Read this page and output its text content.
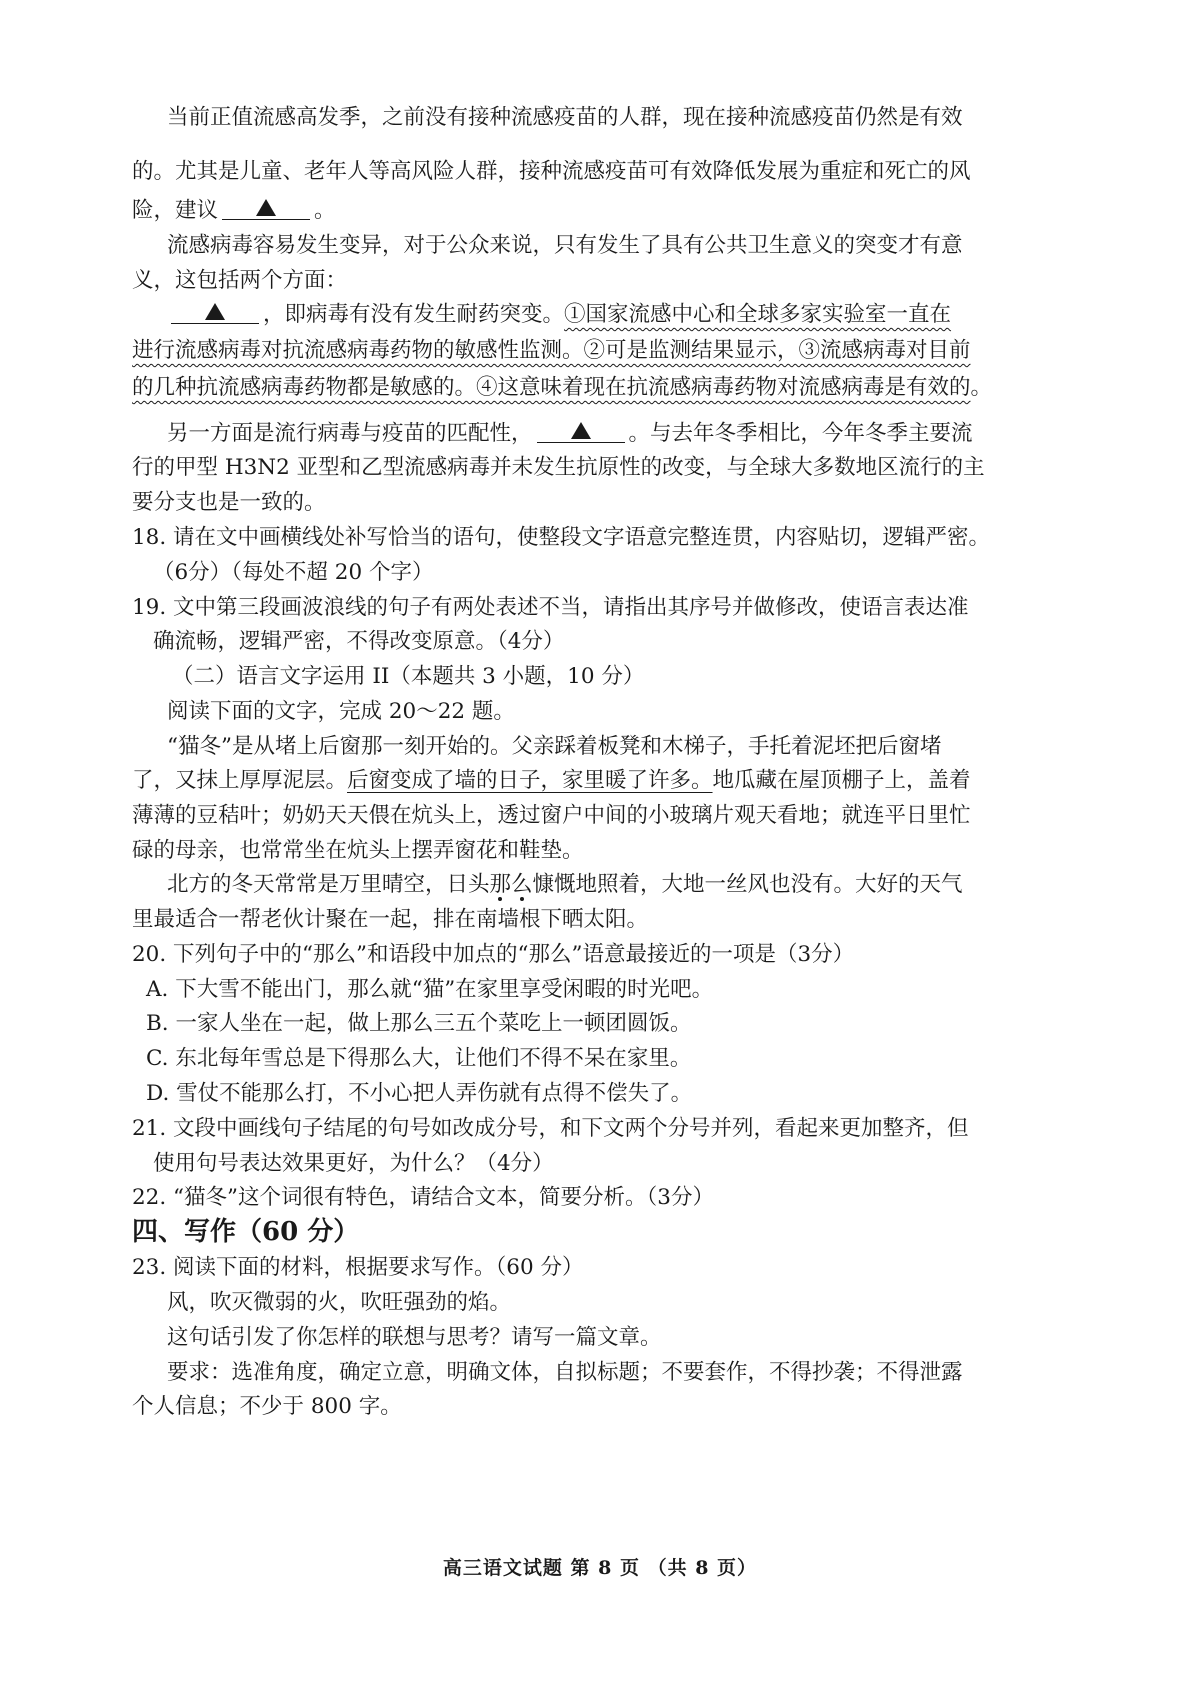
当前正值流感高发季，之前没有接种流感疫苗的人群，现在接种流感疫苗仍然是有效
的。尤其是儿童、老年人等高风险人群，接种流感疫苗可有效降低发展为重症和死亡的风
险，建议	。
流感病毒容易发生变异，对于公众来说，只有发生了具有公共卫生意义的突变才有意
义，这包括两个方面：
，即病毒有没有发生耐药突变。①国家流感中心和全球多家实验室一直在
进行流感病毒对抗流感病毒药物的敏感性监测。②可是监测结果显示，③流感病毒对目前
的几种抗流感病毒药物都是敏感的。④这意味着现在抗流感病毒药物对流感病毒是有效的。
另一方面是流行病毒与疫苗的匹配性，	。与去年冬季相比，今年冬季主要流
行的甲型 H3N2 亚型和乙型流感病毒并未发生抗原性的改变，与全球大多数地区流行的主
要分支也是一致的。
18. 请在文中画横线处补写恰当的语句，使整段文字语意完整连贯，内容贴切，逻辑严密。
（6分）（每处不超 20 个字）
19. 文中第三段画波浪线的句子有两处表述不当，请指出其序号并做修改，使语言表达准
确流畅，逻辑严密，不得改变原意。（4分）
（二）语言文字运用 II（本题共 3 小题，10 分）
阅读下面的文字，完成 20～22 题。
“猫冬”是从堵上后窗那一刻开始的。父亲踩着板凳和木梯子，手托着泥坯把后窗堵
了，又抹上厚厚泥层。后窗变成了墙的日子，家里暖了许多。地瓜藏在屋顶棚子上，盖着
薄薄的豆秸叶；奶奶天天偎在炕头上，透过窗户中间的小玻璃片观天看地；就连平日里忙
碌的母亲，也常常坐在炕头上摆弄窗花和鞋垫。
北方的冬天常常是万里晴空，日头那么
慷慨地照着，大地一丝风也没有。大好的天气
里最适合一帮老伙计聚在一起，排在南墙根下晒太阳。
20. 下列句子中的“那么”和语段中加点的“那么”语意最接近的一项是（3分）
A. 下大雪不能出门，那么就“猫”在家里享受闲暇的时光吧。
B. 一家人坐在一起，做上那么三五个菜吃上一顿团圆饭。
C. 东北每年雪总是下得那么大，让他们不得不呆在家里。
D. 雪仗不能那么打，不小心把人弄伤就有点得不偿失了。
21. 文段中画线句子结尾的句号如改成分号，和下文两个分号并列，看起来更加整齐，但
使用句号表达效果更好，为什么？（4分）
22. “猫冬”这个词很有特色，请结合文本，简要分析。（3分）
四、写作（60 分）
23. 阅读下面的材料，根据要求写作。（60 分）
风，吹灭微弱的火，吹旺强劲的焰。
这句话引发了你怎样的联想与思考？请写一篇文章。
要求：选准角度，确定立意，明确文体，自拟标题；不要套作，不得抄袭；不得泄露
个人信息；不少于 800 字。
高三语文试题 第 8 页 （共 8 页）
